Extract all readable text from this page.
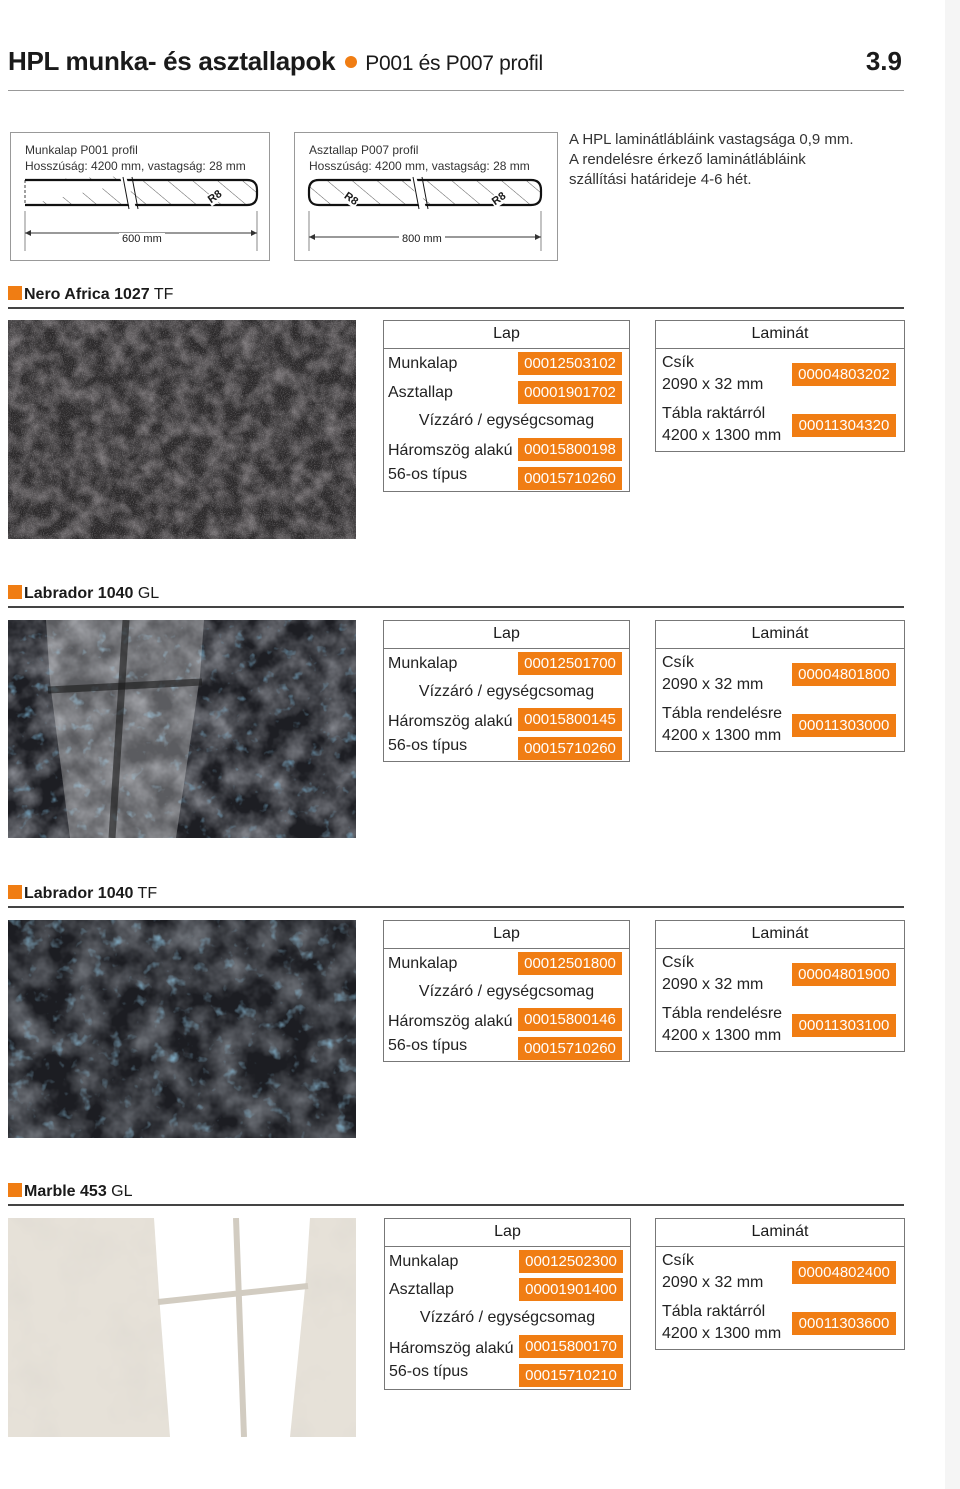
HPL munka- és asztallapok P001 és P007 profil	3.9
Munkalap P001 profil
Hosszúság: 4200 mm, vastagság: 28 mm
R8
600 mm
Asztallap P007 profil
Hosszúság: 4200 mm, vastagság: 28 mm
R8	R8
800 mm
A HPL laminátlábláink vastagsága 0,9 mm.
A rendelésre érkező laminátlábláink
szállítási határideje 4-6 hét.
Nero Africa 1027 TF
Lap
Munkalap	00012503102
Asztallap	00001901702
Vízzáró / egységcsomag
Háromszög alakú 00015800198
56-os típus	00015710260
Laminát
Csík
2090 x 32 mm
00004803202
Tábla raktárról
4200 x 1300 mm
00011304320
Labrador 1040 GL
Lap
Munkalap	00012501700
Vízzáró / egységcsomag
Háromszög alakú 00015800145
56-os típus	00015710260
Laminát
Csík
2090 x 32 mm
00004801800
Tábla rendelésre
4200 x 1300 mm
00011303000
Labrador 1040 TF
Lap
Munkalap	00012501800
Vízzáró / egységcsomag
Háromszög alakú 00015800146
56-os típus	00015710260
Laminát
Csík
2090 x 32 mm
00004801900
Tábla rendelésre
4200 x 1300 mm
00011303100
Marble 453 GL
Lap
Munkalap	00012502300
Asztallap	00001901400
Vízzáró / egységcsomag
Háromszög alakú 00015800170
56-os típus	00015710210
Laminát
Csík
2090 x 32 mm
00004802400
Tábla raktárról
4200 x 1300 mm
00011303600
